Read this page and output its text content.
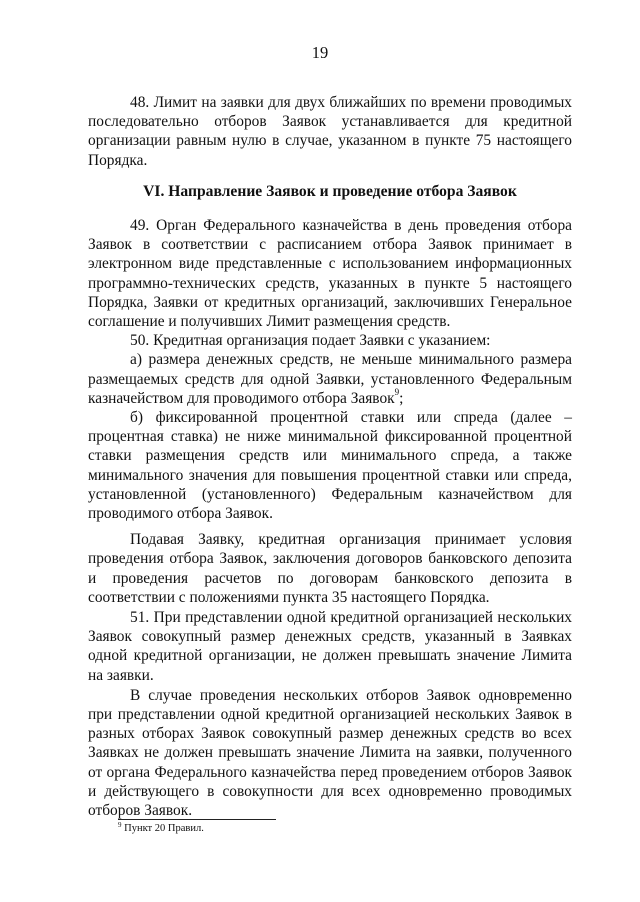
19

48. Лимит на заявки для двух ближайших по времени проводимых последовательно отборов Заявок устанавливается для кредитной организации равным нулю в случае, указанном в пункте 75 настоящего Порядка.

VI. Направление Заявок и проведение отбора Заявок

49. Орган Федерального казначейства в день проведения отбора Заявок в соответствии с расписанием отбора Заявок принимает в электронном виде представленные с использованием информационных программно-технических средств, указанных в пункте 5 настоящего Порядка, Заявки от кредитных организаций, заключивших Генеральное соглашение и получивших Лимит размещения средств.

50. Кредитная организация подает Заявки с указанием:

а) размера денежных средств, не меньше минимального размера размещаемых средств для одной Заявки, установленного Федеральным казначейством для проводимого отбора Заявок$^9$;

б) фиксированной процентной ставки или спреда (далее – процентная ставка) не ниже минимальной фиксированной процентной ставки размещения средств или минимального спреда, а также минимального значения для повышения процентной ставки или спреда, установленной (установленного) Федеральным казначейством для проводимого отбора Заявок.

Подавая Заявку, кредитная организация принимает условия проведения отбора Заявок, заключения договоров банковского депозита и проведения расчетов по договорам банковского депозита в соответствии с положениями пункта 35 настоящего Порядка.

51. При представлении одной кредитной организацией нескольких Заявок совокупный размер денежных средств, указанный в Заявках одной кредитной организации, не должен превышать значение Лимита на заявки.

В случае проведения нескольких отборов Заявок одновременно при представлении одной кредитной организацией нескольких Заявок в разных отборах Заявок совокупный размер денежных средств во всех Заявках не должен превышать значение Лимита на заявки, полученного от органа Федерального казначейства перед проведением отборов Заявок и действующего в совокупности для всех одновременно проводимых отборов Заявок.

$^9$ Пункт 20 Правил.
